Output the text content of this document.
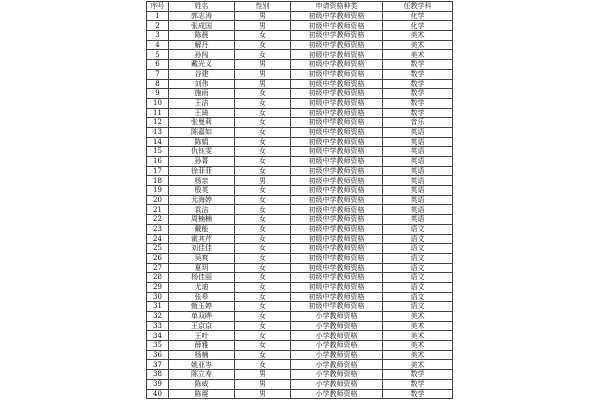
序号	姓名	性别	申请资格种类	任教学科
1	郭志涛	男	初级中学教师资格	化学
2	张成国	男	初级中学教师资格	化学
3	陈晨	女	初级中学教师资格	美术
4	解丹	女	初级中学教师资格	美术
5	孙闯	女	初级中学教师资格	美术
6	戴光义	男	初级中学教师资格	数学
7	谷建	男	初级中学教师资格	数学
8	刘伟	男	初级中学教师资格	数学
9	施雨	女	初级中学教师资格	数学
10	王洁	女	初级中学教师资格	数学
11	王琦	女	初级中学教师资格	数学
12	张曼莉	女	初级中学教师资格	音乐
13	陈嘉如	女	初级中学教师资格	英语
14	陈娟	女	初级中学教师资格	英语
15	仇钰雯	女	初级中学教师资格	英语
16	孙菁	女	初级中学教师资格	英语
17	徐菲菲	女	初级中学教师资格	英语
18	杨亲	男	初级中学教师资格	英语
19	殷英	女	初级中学教师资格	英语
20	尤海婷	女	初级中学教师资格	英语
21	袁洁	女	初级中学教师资格	英语
22	周楠楠	女	初级中学教师资格	英语
23	戴能	女	初级中学教师资格	语文
24	霍其芹	女	初级中学教师资格	语文
25	刘佳佳	女	初级中学教师资格	语文
26	吴爽	女	初级中学教师资格	语文
27	夏玥	女	初级中学教师资格	语文
28	杨佳丽	女	初级中学教师资格	语文
29	尤迪	女	初级中学教师资格	语文
30	张皋	女	初级中学教师资格	语文
31	甄玉婷	女	初级中学教师资格	语文
32	单双晔	女	小学教师资格	美术
33	王京京	女	小学教师资格	美术
34	王叶	女	小学教师资格	美术
35	薛雅	女	小学教师资格	美术
36	杨楠	女	小学教师资格	美术
37	姚亚岑	女	小学教师资格	美术
38	陈立寿	男	小学教师资格	数学
39	陈威	男	小学教师资格	数学
40	陈震	男	小学教师资格	数学
